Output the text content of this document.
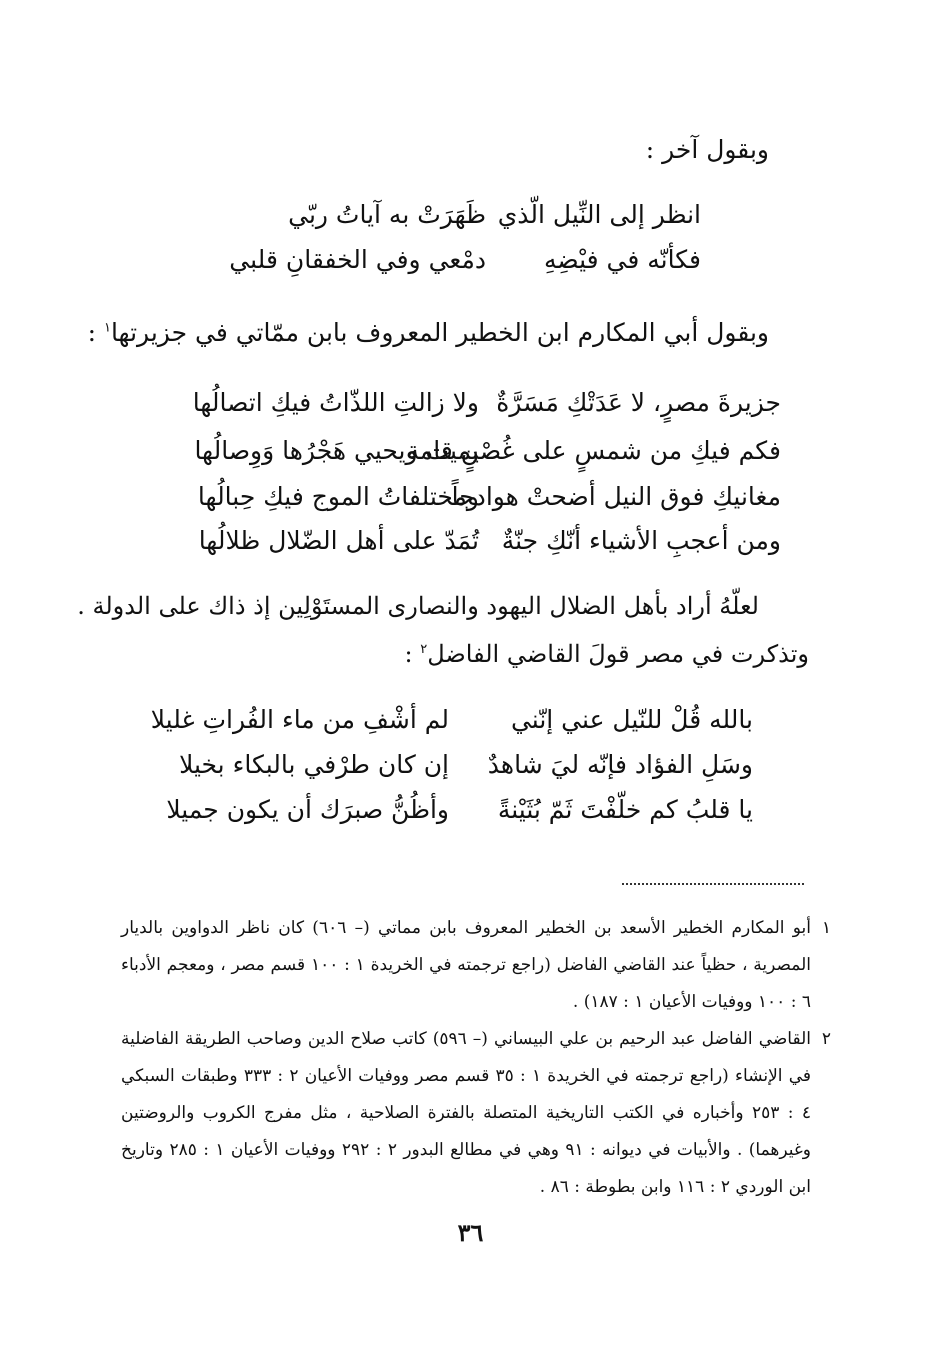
وبقول آخر :
انظر إلى النِّيل الّذي
ظَهَرَتْ به آياتُ ربّي
فكأنّه في فيْضِهِ
دمْعي وفي الخفقانِ قلبي
وبقول أبي المكارم ابن الخطير المعروف بابن ممّاتي في جزيرتها$^١$ :
جزيرةَ مصرٍ، لا عَدَتْكِ مَسَرَّةٌ
ولا زالتِ اللذّاتُ فيكِ اتصالُها
فكم فيكِ من شمسٍ على غُصْنٍ قامة
يميت ويحيي هَجْرُها وَوِصالُها
مغانيكِ فوق النيل أضحتْ هوادجاً
ومختلفاتُ الموج فيكِ حِبالُها
ومن أعجبِ الأشياء أنّكِ جنّةٌ
تُمَدّ على أهل الضّلال ظلالُها
لعلّهُ أراد بأهل الضلال اليهود والنصارى المستَوْلِين إذ ذاك على الدولة .
وتذكرت في مصر قولَ القاضي الفاضل$^٢$ :
بالله قُلْ للنّيل عني إنّني
لم أشْفِ من ماء الفُراتِ غليلا
وسَلِ الفؤاد فإنّه ليَ شاهدٌ
إن كان طرْفي بالبكاء بخيلا
يا قلبُ كم خلّفْتَ ثَمّ بُثَيْنةً
وأظُنُّ صبرَك أن يكون جميلا
١
أبو المكارم الخطير الأسعد بن الخطير المعروف بابن مماتي (– ٦٠٦) كان ناظر الدواوين بالديار المصرية ، حظياً عند القاضي الفاضل (راجع ترجمته في الخريدة ١ : ١٠٠ قسم مصر ، ومعجم الأدباء ٦ : ١٠٠ ووفيات الأعيان ١ : ١٨٧) .
٢
القاضي الفاضل عبد الرحيم بن علي البيساني (– ٥٩٦) كاتب صلاح الدين وصاحب الطريقة الفاضلية في الإنشاء (راجع ترجمته في الخريدة ١ : ٣٥ قسم مصر ووفيات الأعيان ٢ : ٣٣٣ وطبقات السبكي ٤ : ٢٥٣ وأخباره في الكتب التاريخية المتصلة بالفترة الصلاحية ، مثل مفرج الكروب والروضتين وغيرهما) . والأبيات في ديوانه : ٩١ وهي في مطالع البدور ٢ : ٢٩٢ ووفيات الأعيان ١ : ٢٨٥ وتاريخ ابن الوردي ٢ : ١١٦ وابن بطوطة : ٨٦ .
٣٦
